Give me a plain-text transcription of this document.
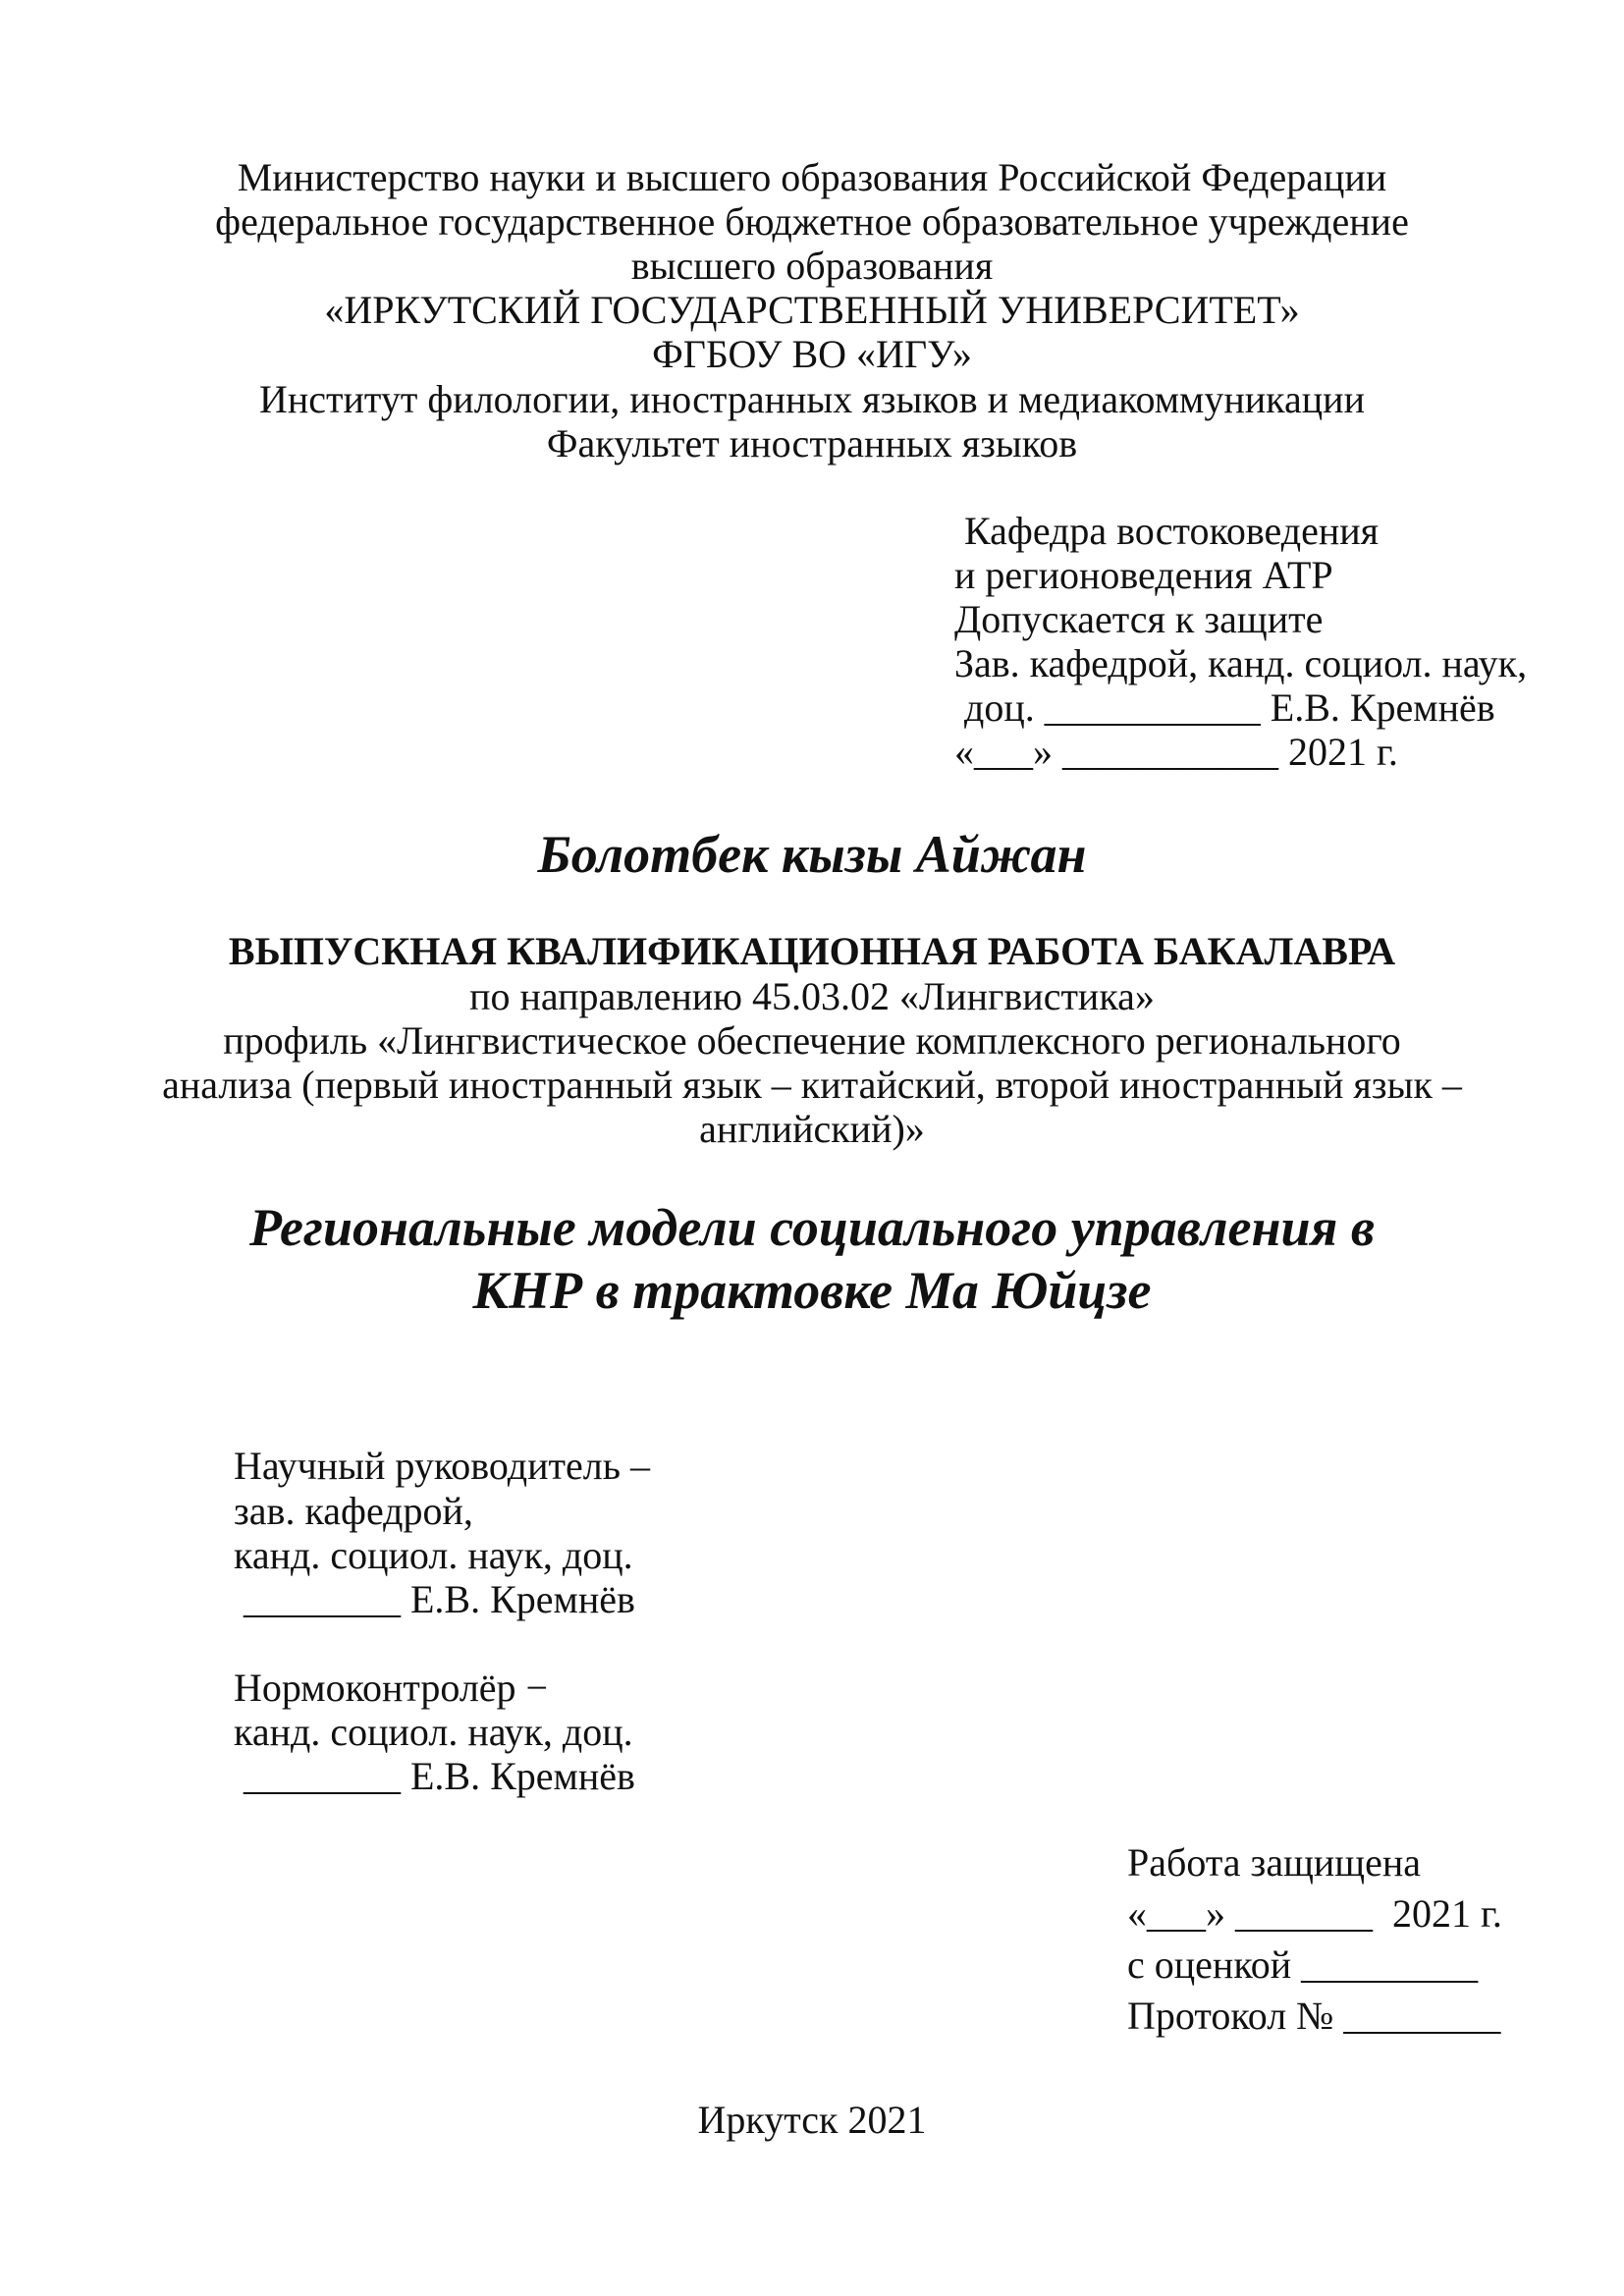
Министерство науки и высшего образования Российской Федерации

федеральное государственное бюджетное образовательное учреждение

высшего образования

«ИРКУТСКИЙ ГОСУДАРСТВЕННЫЙ УНИВЕРСИТЕТ»

ФГБОУ ВО «ИГУ»

Институт филологии, иностранных языков и медиакоммуникации

Факультет иностранных языков

Кафедра востоковедения

и регионоведения АТР

Допускается к защите

Зав. кафедрой, канд. социол. наук,

доц. ___________ Е.В. Кремнёв

«___» ___________ 2021 г.

Болотбек кызы Айжан

ВЫПУСКНАЯ КВАЛИФИКАЦИОННАЯ РАБОТА БАКАЛАВРА

по направлению 45.03.02 «Лингвистика»

профиль «Лингвистическое обеспечение комплексного регионального

анализа (первый иностранный язык – китайский, второй иностранный язык –

английский)»

Региональные модели социального управления в

КНР в трактовке Ма Юйцзе

Научный руководитель –

зав. кафедрой,

канд. социол. наук, доц.

________ Е.В. Кремнёв

Нормоконтролёр −

канд. социол. наук, доц.

________ Е.В. Кремнёв

Работа защищена

«___» _______  2021 г.

с оценкой _________

Протокол № ________

Иркутск 2021
